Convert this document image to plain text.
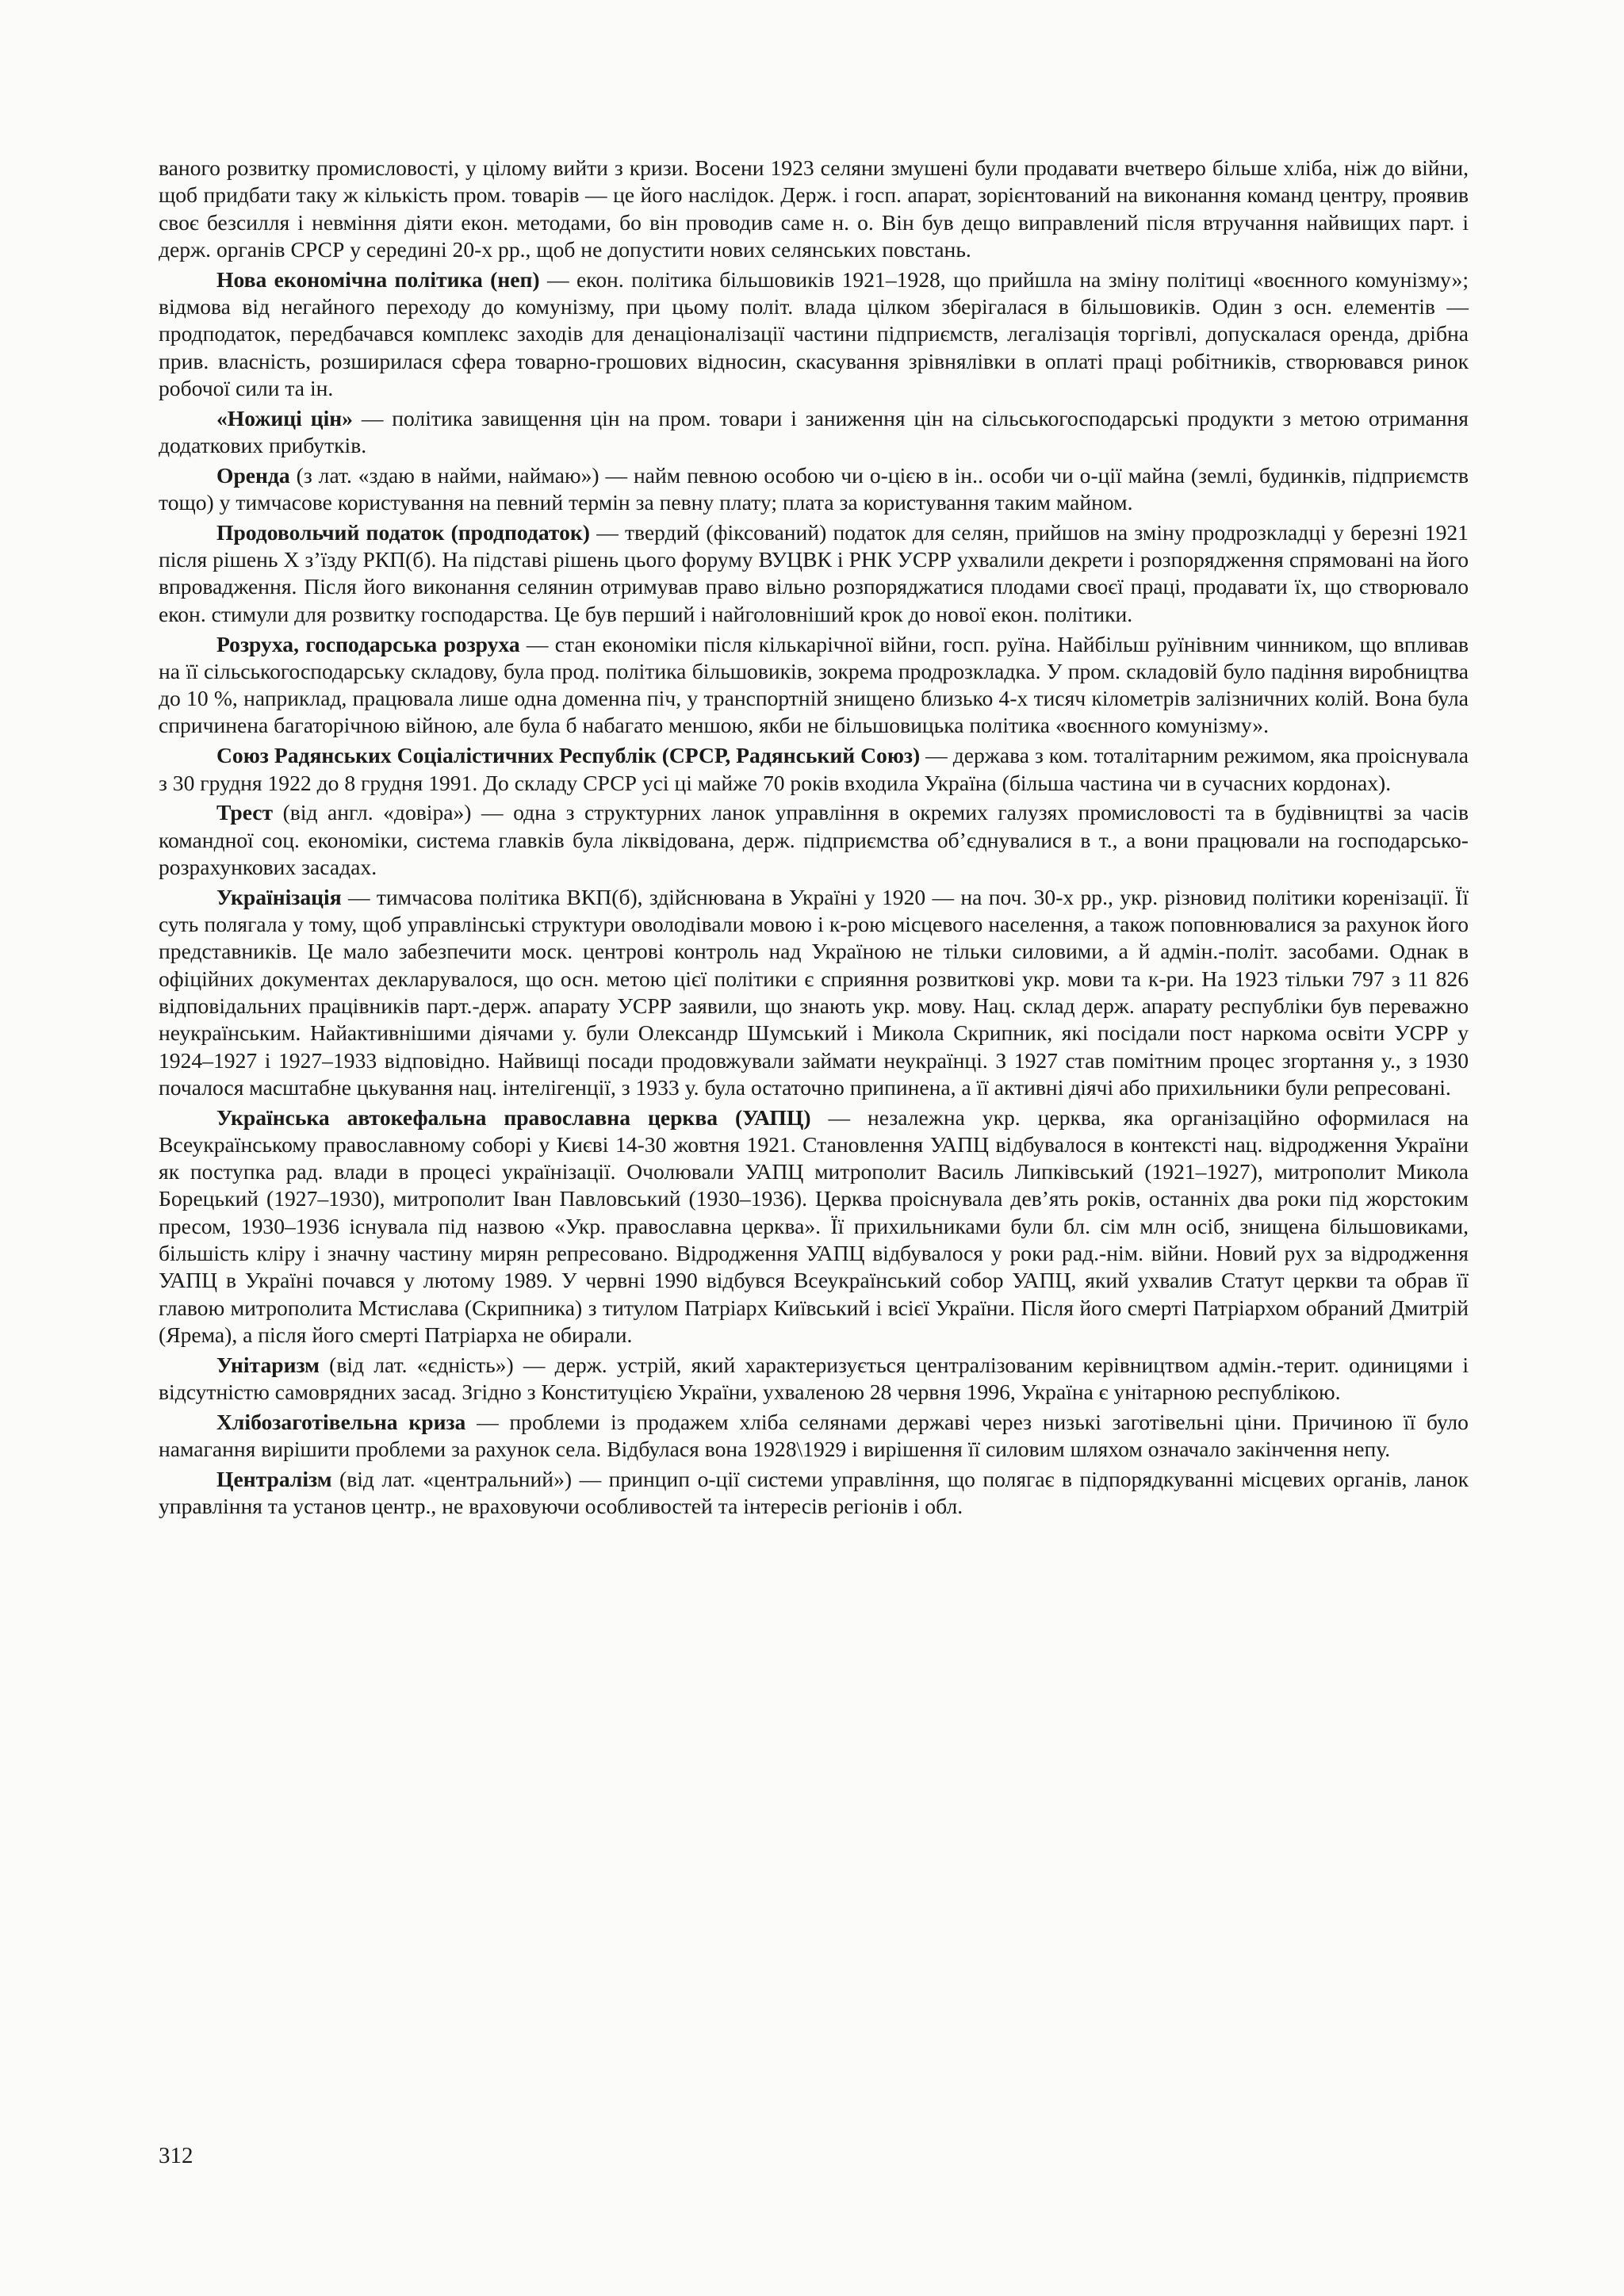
ваного розвитку промисловості, у цілому вийти з кризи. Восени 1923 селяни змушені були продавати вчетверо більше хліба, ніж до війни, щоб придбати таку ж кількість пром. товарів — це його наслідок. Держ. і госп. апарат, зорієнтований на виконання команд центру, проявив своє безсилля і невміння діяти екон. методами, бо він проводив саме н. о. Він був дещо виправлений після втручання найвищих парт. і держ. органів СРСР у середині 20-х рр., щоб не допустити нових селянських повстань.

Нова економічна політика (неп) — екон. політика більшовиків 1921–1928, що прийшла на зміну політиці «воєнного комунізму»; відмова від негайного переходу до комунізму, при цьому політ. влада цілком зберігалася в більшовиків. Один з осн. елементів — продподаток, передбачався комплекс заходів для денаціоналізації частини підприємств, легалізація торгівлі, допускалася оренда, дрібна прив. власність, розширилася сфера товарно-грошових відносин, скасування зрівнялівки в оплаті праці робітників, створювався ринок робочої сили та ін.

«Ножиці цін» — політика завищення цін на пром. товари і заниження цін на сільськогосподарські продукти з метою отримання додаткових прибутків.

Оренда (з лат. «здаю в найми, наймаю») — найм певною особою чи о-цією в ін.. особи чи о-ції майна (землі, будинків, підприємств тощо) у тимчасове користування на певний термін за певну плату; плата за користування таким майном.

Продовольчий податок (продподаток) — твердий (фіксований) податок для селян, прийшов на зміну продрозкладці у березні 1921 після рішень X з’їзду РКП(б). На підставі рішень цього форуму ВУЦВК і РНК УСРР ухвалили декрети і розпорядження спрямовані на його впровадження. Після його виконання селянин отримував право вільно розпоряджатися плодами своєї праці, продавати їх, що створювало екон. стимули для розвитку господарства. Це був перший і найголовніший крок до нової екон. політики.

Розруха, господарська розруха — стан економіки після кількарічної війни, госп. руїна. Найбільш руїнівним чинником, що впливав на її сільськогосподарську складову, була прод. політика більшовиків, зокрема продрозкладка. У пром. складовій було падіння виробництва до 10 %, наприклад, працювала лише одна доменна піч, у транспортній знищено близько 4-х тисяч кілометрів залізничних колій. Вона була спричинена багаторічною війною, але була б набагато меншою, якби не більшовицька політика «воєнного комунізму».

Союз Радянських Соціалістичних Республік (СРСР, Радянський Союз) — держава з ком. тоталітарним режимом, яка проіснувала з 30 грудня 1922 до 8 грудня 1991. До складу СРСР усі ці майже 70 років входила Україна (більша частина чи в сучасних кордонах).

Трест (від англ. «довіра») — одна з структурних ланок управління в окремих галузях промисловості та в будівництві за часів командної соц. економіки, система главків була ліквідована, держ. підприємства об’єднувалися в т., а вони працювали на господарсько-розрахункових засадах.

Українізація — тимчасова політика ВКП(б), здійснювана в Україні у 1920 — на поч. 30-х рр., укр. різновид політики коренізації. Її суть полягала у тому, щоб управлінські структури оволодівали мовою і к-рою місцевого населення, а також поповнювалися за рахунок його представників. Це мало забезпечити моск. центрові контроль над Україною не тільки силовими, а й адмін.-політ. засобами. Однак в офіційних документах декларувалося, що осн. метою цієї політики є сприяння розвиткові укр. мови та к-ри. На 1923 тільки 797 з 11 826 відповідальних працівників парт.-держ. апарату УСРР заявили, що знають укр. мову. Нац. склад держ. апарату республіки був переважно неукраїнським. Найактивнішими діячами у. були Олександр Шумський і Микола Скрипник, які посідали пост наркома освіти УСРР у 1924–1927 і 1927–1933 відповідно. Найвищі посади продовжували займати неукраїнці. З 1927 став помітним процес згортання у., з 1930 почалося масштабне цькування нац. інтелігенції, з 1933 у. була остаточно припинена, а її активні діячі або прихильники були репресовані.

Українська автокефальна православна церква (УАПЦ) — незалежна укр. церква, яка організаційно оформилася на Всеукраїнському православному соборі у Києві 14-30 жовтня 1921. Становлення УАПЦ відбувалося в контексті нац. відродження України як поступка рад. влади в процесі українізації. Очолювали УАПЦ митрополит Василь Липківський (1921–1927), митрополит Микола Борецький (1927–1930), митрополит Іван Павловський (1930–1936). Церква проіснувала дев’ять років, останніх два роки під жорстоким пресом, 1930–1936 існувала під назвою «Укр. православна церква». Її прихильниками були бл. сім млн осіб, знищена більшовиками, більшість кліру і значну частину мирян репресовано. Відродження УАПЦ відбувалося у роки рад.-нім. війни. Новий рух за відродження УАПЦ в Україні почався у лютому 1989. У червні 1990 відбувся Всеукраїнський собор УАПЦ, який ухвалив Статут церкви та обрав її главою митрополита Мстислава (Скрипника) з титулом Патріарх Київський і всієї України. Після його смерті Патріархом обраний Дмитрій (Ярема), а після його смерті Патріарха не обирали.

Унітаризм (від лат. «єдність») — держ. устрій, який характеризується централізованим керівництвом адмін.-терит. одиницями і відсутністю самоврядних засад. Згідно з Конституцією України, ухваленою 28 червня 1996, Україна є унітарною республікою.

Хлібозаготівельна криза — проблеми із продажем хліба селянами державі через низькі заготівельні ціни. Причиною її було намагання вирішити проблеми за рахунок села. Відбулася вона 1928\1929 і вирішення її силовим шляхом означало закінчення непу.

Централізм (від лат. «центральний») — принцип о-ції системи управління, що полягає в підпорядкуванні місцевих органів, ланок управління та установ центр., не враховуючи особливостей та інтересів регіонів і обл.

312
